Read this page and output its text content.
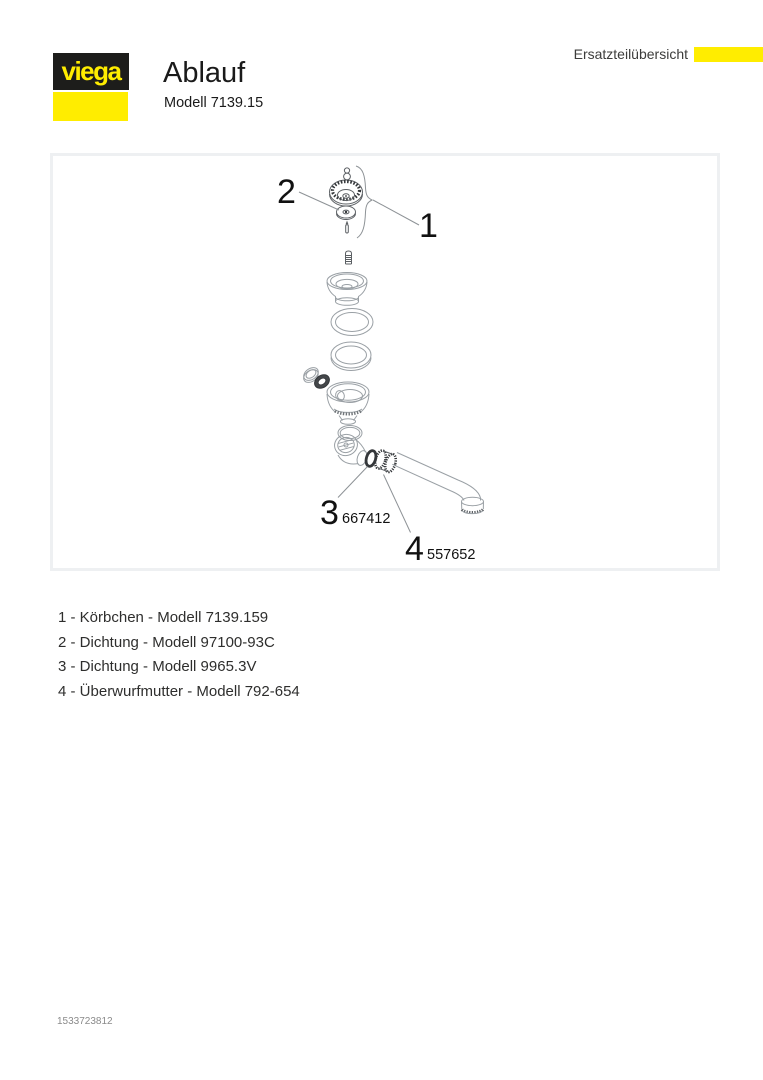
viega Ablauf
Modell 7139.15
Ersatzteilübersicht
2
1
3 667412
4 557652
1 - Körbchen - Modell 7139.159
2 - Dichtung - Modell 97100-93C
3 - Dichtung - Modell 9965.3V
4 - Überwurfmutter - Modell 792-654
1533723812
